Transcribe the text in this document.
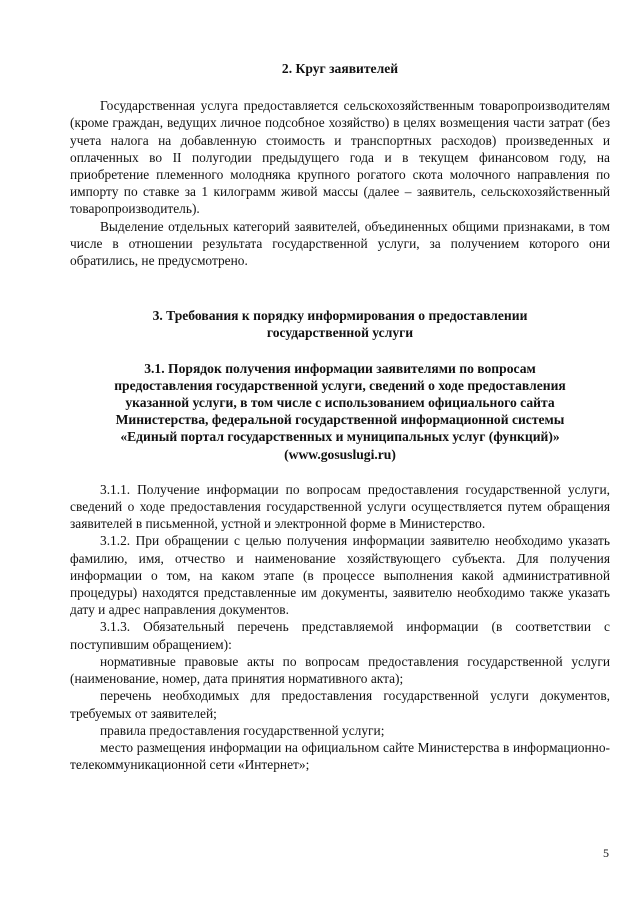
2. Круг заявителей

Государственная услуга предоставляется сельскохозяйственным товаропроизводителям (кроме граждан, ведущих личное подсобное хозяйство) в целях возмещения части затрат (без учета налога на добавленную стоимость и транспортных расходов) произведенных и оплаченных во II полугодии предыдущего года и в текущем финансовом году, на приобретение племенного молодняка крупного рогатого скота молочного направления по импорту по ставке за 1 килограмм живой массы (далее – заявитель, сельскохозяйственный товаропроизводитель).

Выделение отдельных категорий заявителей, объединенных общими признаками, в том числе в отношении результата государственной услуги, за получением которого они обратились, не предусмотрено.

3. Требования к порядку информирования о предоставлении

государственной услуги

3.1. Порядок получения информации заявителями по вопросам

предоставления государственной услуги, сведений о ходе предоставления

указанной услуги, в том числе с использованием официального сайта

Министерства, федеральной государственной информационной системы

«Единый портал государственных и муниципальных услуг (функций)»

(www.gosuslugi.ru)

3.1.1. Получение информации по вопросам предоставления государственной услуги, сведений о ходе предоставления государственной услуги осуществляется путем обращения заявителей в письменной, устной и электронной форме в Министерство.

3.1.2. При обращении с целью получения информации заявителю необходимо указать фамилию, имя, отчество и наименование хозяйствующего субъекта. Для получения информации о том, на каком этапе (в процессе выполнения какой административной процедуры) находятся представленные им документы, заявителю необходимо также указать дату и адрес направления документов.

3.1.3. Обязательный перечень представляемой информации (в соответствии с поступившим обращением):

нормативные правовые акты по вопросам предоставления государственной услуги (наименование, номер, дата принятия нормативного акта);

перечень необходимых для предоставления государственной услуги документов, требуемых от заявителей;

правила предоставления государственной услуги;

место размещения информации на официальном сайте Министерства в информационно-телекоммуникационной сети «Интернет»;

5
